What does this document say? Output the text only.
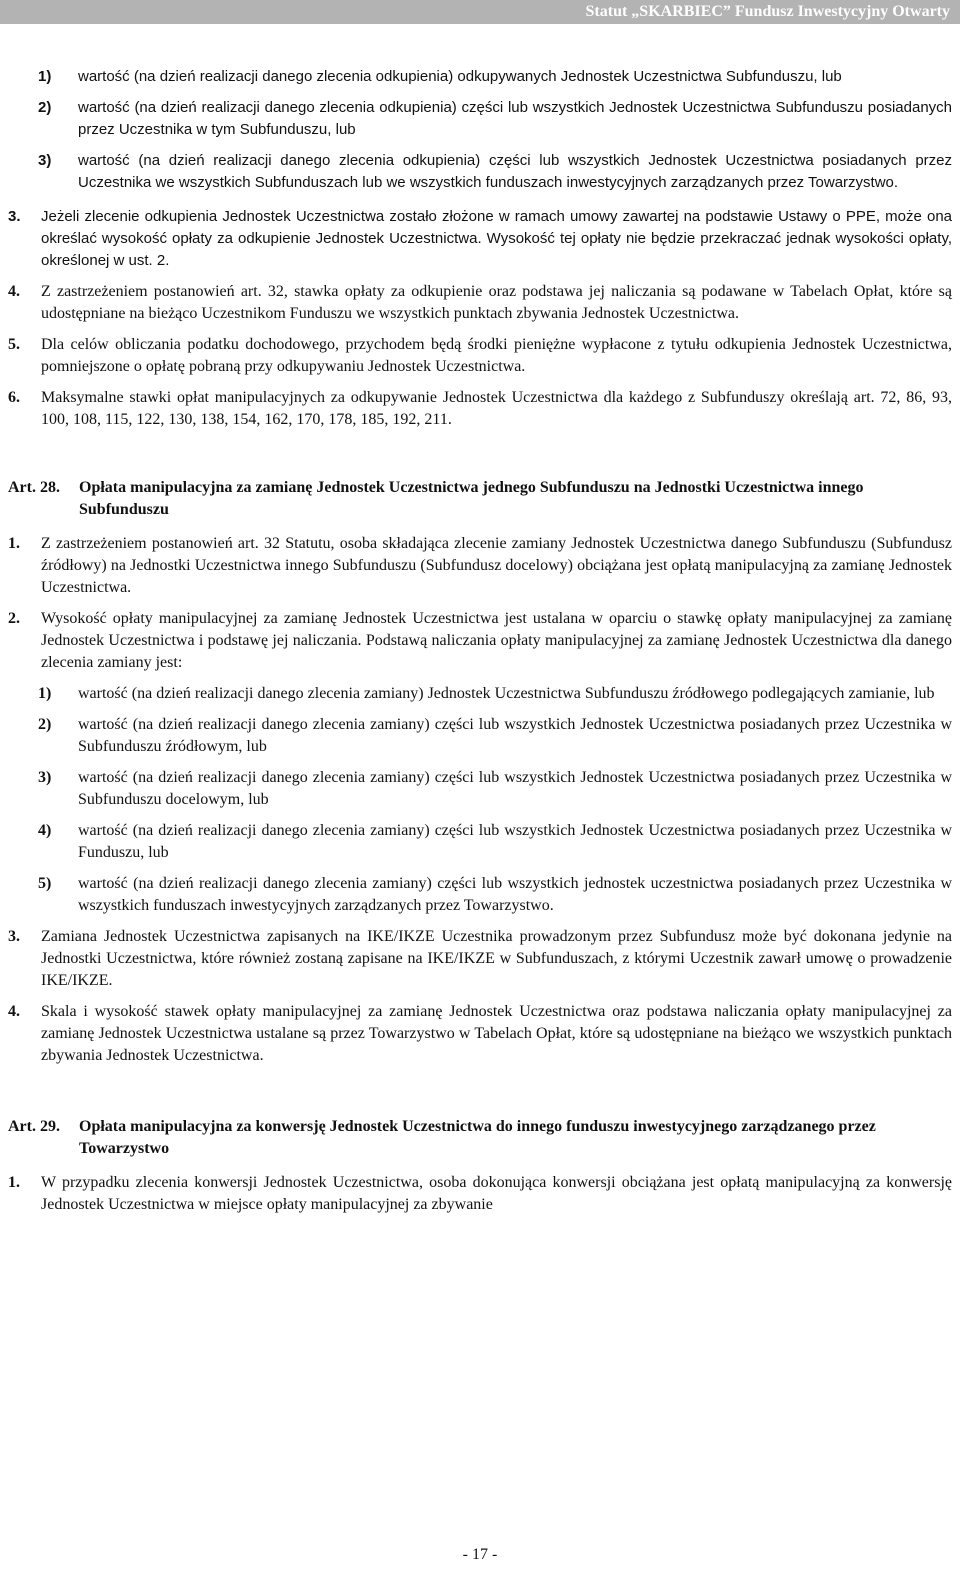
Statut „SKARBIEC” Fundusz Inwestycyjny Otwarty
1) wartość (na dzień realizacji danego zlecenia odkupienia) odkupywanych Jednostek Uczestnictwa Subfunduszu, lub
2) wartość (na dzień realizacji danego zlecenia odkupienia) części lub wszystkich Jednostek Uczestnictwa Subfunduszu posiadanych przez Uczestnika w tym Subfunduszu, lub
3) wartość (na dzień realizacji danego zlecenia odkupienia) części lub wszystkich Jednostek Uczestnictwa posiadanych przez Uczestnika we wszystkich Subfunduszach lub we wszystkich funduszach inwestycyjnych zarządzanych przez Towarzystwo.
3. Jeżeli zlecenie odkupienia Jednostek Uczestnictwa zostało złożone w ramach umowy zawartej na podstawie Ustawy o PPE, może ona określać wysokość opłaty za odkupienie Jednostek Uczestnictwa. Wysokość tej opłaty nie będzie przekraczać jednak wysokości opłaty, określonej w ust. 2.
4. Z zastrzeżeniem postanowień art. 32, stawka opłaty za odkupienie oraz podstawa jej naliczania są podawane w Tabelach Opłat, które są udostępniane na bieżąco Uczestnikom Funduszu we wszystkich punktach zbywania Jednostek Uczestnictwa.
5. Dla celów obliczania podatku dochodowego, przychodem będą środki pieniężne wypłacone z tytułu odkupienia Jednostek Uczestnictwa, pomniejszone o opłatę pobraną przy odkupywaniu Jednostek Uczestnictwa.
6. Maksymalne stawki opłat manipulacyjnych za odkupywanie Jednostek Uczestnictwa dla każdego z Subfunduszy określają art. 72, 86, 93, 100, 108, 115, 122, 130, 138, 154, 162, 170, 178, 185, 192, 211.
Art. 28. Opłata manipulacyjna za zamianę Jednostek Uczestnictwa jednego Subfunduszu na Jednostki Uczestnictwa innego Subfunduszu
1. Z zastrzeżeniem postanowień art. 32 Statutu, osoba składająca zlecenie zamiany Jednostek Uczestnictwa danego Subfunduszu (Subfundusz źródłowy) na Jednostki Uczestnictwa innego Subfunduszu (Subfundusz docelowy) obciążana jest opłatą manipulacyjną za zamianę Jednostek Uczestnictwa.
2. Wysokość opłaty manipulacyjnej za zamianę Jednostek Uczestnictwa jest ustalana w oparciu o stawkę opłaty manipulacyjnej za zamianę Jednostek Uczestnictwa i podstawę jej naliczania. Podstawą naliczania opłaty manipulacyjnej za zamianę Jednostek Uczestnictwa dla danego zlecenia zamiany jest:
1) wartość (na dzień realizacji danego zlecenia zamiany) Jednostek Uczestnictwa Subfunduszu źródłowego podlegających zamianie, lub
2) wartość (na dzień realizacji danego zlecenia zamiany) części lub wszystkich Jednostek Uczestnictwa posiadanych przez Uczestnika w Subfunduszu źródłowym, lub
3) wartość (na dzień realizacji danego zlecenia zamiany) części lub wszystkich Jednostek Uczestnictwa posiadanych przez Uczestnika w Subfunduszu docelowym, lub
4) wartość (na dzień realizacji danego zlecenia zamiany) części lub wszystkich Jednostek Uczestnictwa posiadanych przez Uczestnika w Funduszu, lub
5) wartość (na dzień realizacji danego zlecenia zamiany) części lub wszystkich jednostek uczestnictwa posiadanych przez Uczestnika w wszystkich funduszach inwestycyjnych zarządzanych przez Towarzystwo.
3. Zamiana Jednostek Uczestnictwa zapisanych na IKE/IKZE Uczestnika prowadzonym przez Subfundusz może być dokonana jedynie na Jednostki Uczestnictwa, które również zostaną zapisane na IKE/IKZE w Subfunduszach, z którymi Uczestnik zawarł umowę o prowadzenie IKE/IKZE.
4. Skala i wysokość stawek opłaty manipulacyjnej za zamianę Jednostek Uczestnictwa oraz podstawa naliczania opłaty manipulacyjnej za zamianę Jednostek Uczestnictwa ustalane są przez Towarzystwo w Tabelach Opłat, które są udostępniane na bieżąco we wszystkich punktach zbywania Jednostek Uczestnictwa.
Art. 29. Opłata manipulacyjna za konwersję Jednostek Uczestnictwa do innego funduszu inwestycyjnego zarządzanego przez Towarzystwo
1. W przypadku zlecenia konwersji Jednostek Uczestnictwa, osoba dokonująca konwersji obciążana jest opłatą manipulacyjną za konwersję Jednostek Uczestnictwa w miejsce opłaty manipulacyjnej za zbywanie
- 17 -
